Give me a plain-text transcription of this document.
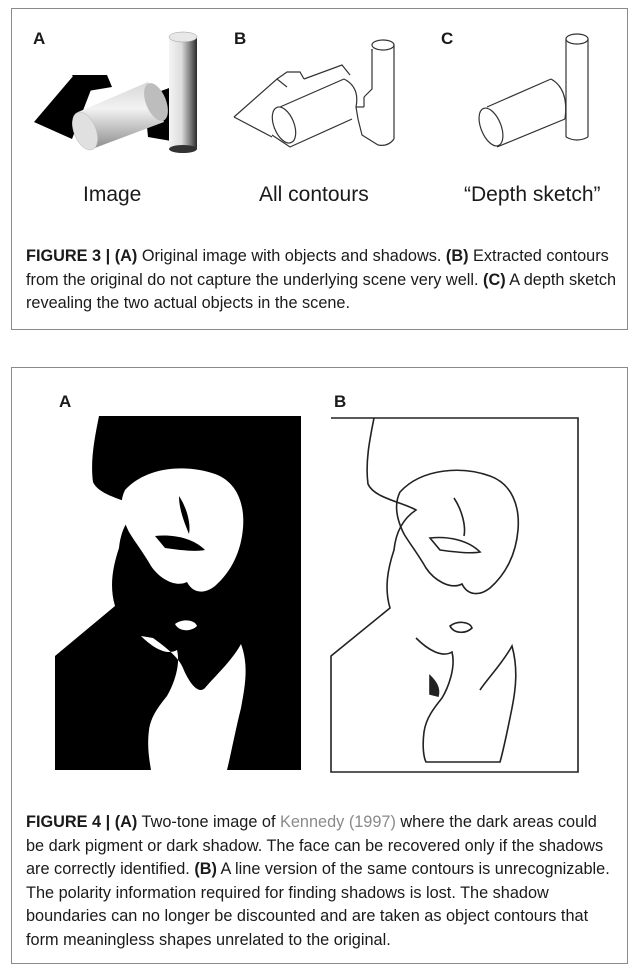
A	B	C
Image	All contours	“Depth sketch”
FIGURE 3 | (A) Original image with objects and shadows. (B) Extracted contours from the original do not capture the underlying scene very well. (C) A depth sketch revealing the two actual objects in the scene.
A	B
FIGURE 4 | (A) Two-tone image of Kennedy (1997) where the dark areas could be dark pigment or dark shadow. The face can be recovered only if the shadows are correctly identified. (B) A line version of the same contours is unrecognizable. The polarity information required for finding shadows is lost. The shadow boundaries can no longer be discounted and are taken as object contours that form meaningless shapes unrelated to the original.
